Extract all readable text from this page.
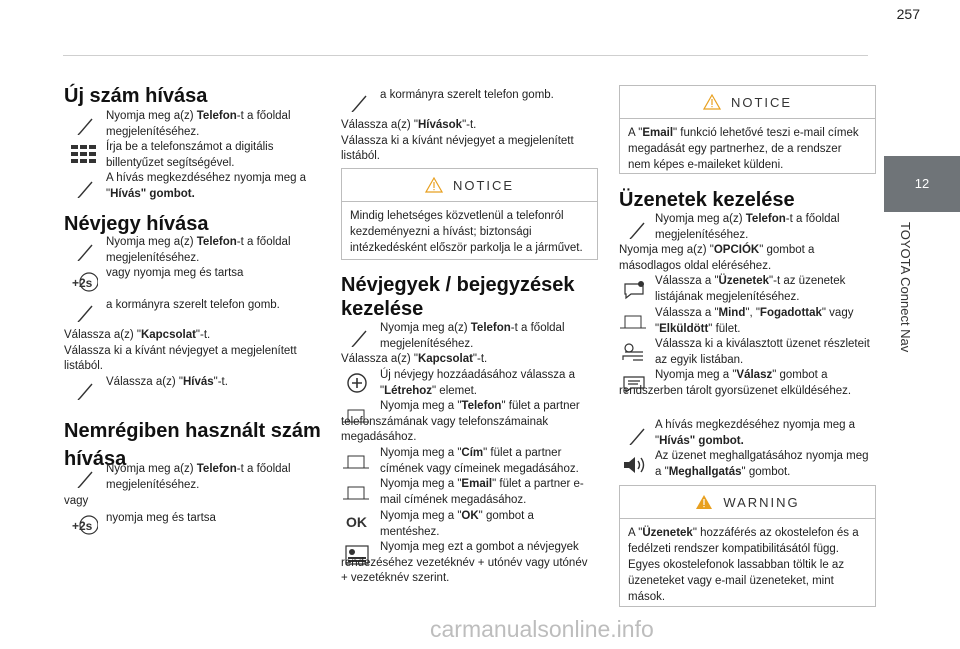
257
12
TOYOTA Connect Nav
Új szám hívása
Nyomja meg a(z) Telefon-t a főoldal megjelenítéséhez.
Írja be a telefonszámot a digitális billentyűzet segítségével.
A hívás megkezdéséhez nyomja meg a "Hívás" gombot.
Névjegy hívása
Nyomja meg a(z) Telefon-t a főoldal megjelenítéséhez.
vagy nyomja meg és tartsa
+2s
a kormányra szerelt telefon gomb.
Válassza a(z) "Kapcsolat"-t.
Válassza ki a kívánt névjegyet a megjelenített listából.
Válassza a(z) "Hívás"-t.
Nemrégiben használt szám hívása
Nyomja meg a(z) Telefon-t a főoldal megjelenítéséhez.
vagy
+2s
nyomja meg és tartsa
a kormányra szerelt telefon gomb.
Válassza a(z) "Hívások"-t.
Válassza ki a kívánt névjegyet a megjelenített listából.
NOTICE
Mindig lehetséges közvetlenül a telefonról kezdeményezni a hívást; biztonsági intézkedésként először parkolja le a járművet.
Névjegyek / bejegyzések kezelése
Nyomja meg a(z) Telefon-t a főoldal megjelenítéséhez.
Válassza a(z) "Kapcsolat"-t.
Új névjegy hozzáadásához válassza a "Létrehoz" elemet.
Nyomja meg a "Telefon" fület a partner telefonszámának vagy telefonszámainak megadásához.
Nyomja meg a "Cím" fület a partner címének vagy címeinek megadásához.
Nyomja meg a "Email" fület a partner e-mail címének megadásához.
OK Nyomja meg a "OK" gombot a mentéshez.
Nyomja meg ezt a gombot a névjegyek rendezéséhez vezetéknév + utónév vagy utónév + vezetéknév szerint.
NOTICE
A "Email" funkció lehetővé teszi e-mail címek megadását egy partnerhez, de a rendszer nem képes e-maileket küldeni.
Üzenetek kezelése
Nyomja meg a(z) Telefon-t a főoldal megjelenítéséhez.
Nyomja meg a(z) "OPCIÓK" gombot a másodlagos oldal eléréséhez.
Válassza a "Üzenetek"-t az üzenetek listájának megjelenítéséhez.
Válassza a "Mind", "Fogadottak" vagy "Elküldött" fület.
Válassza ki a kiválasztott üzenet részleteit az egyik listában.
Nyomja meg a "Válasz" gombot a rendszerben tárolt gyorsüzenet elküldéséhez.
A hívás megkezdéséhez nyomja meg a "Hívás" gombot.
Az üzenet meghallgatásához nyomja meg a "Meghallgatás" gombot.
WARNING
A "Üzenetek" hozzáférés az okostelefon és a fedélzeti rendszer kompatibilitásától függ.
Egyes okostelefonok lassabban töltik le az üzeneteket vagy e-mail üzeneteket, mint mások.
carmanualsonline.info
